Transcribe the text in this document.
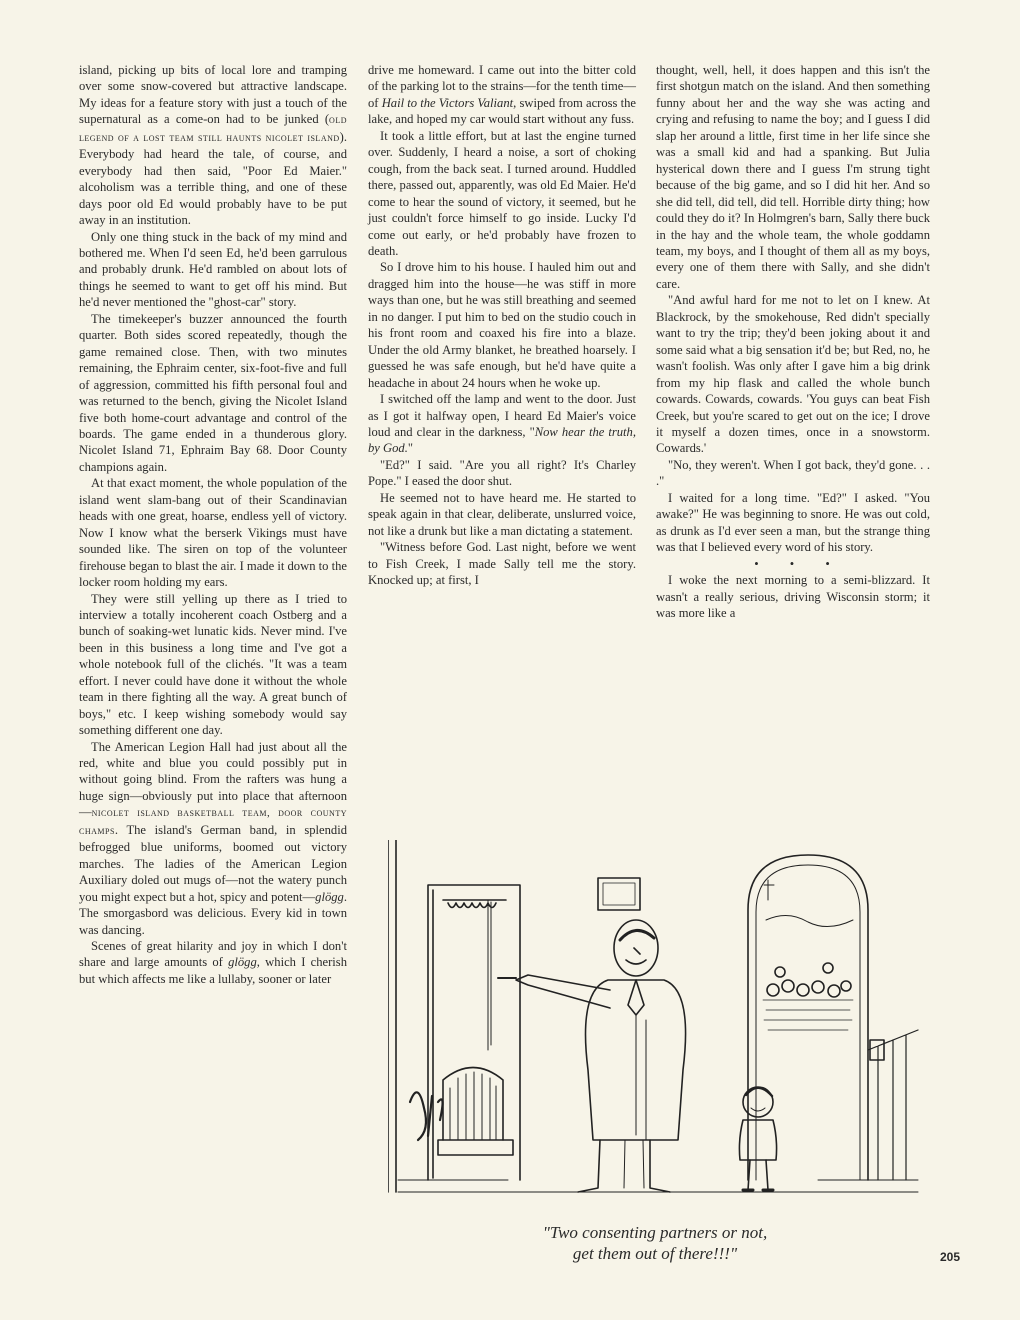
island, picking up bits of local lore and tramping over some snow-covered but attractive landscape. My ideas for a feature story with just a touch of the supernatural as a come-on had to be junked (old legend of a lost team still haunts nicolet island). Everybody had heard the tale, of course, and everybody had then said, "Poor Ed Maier." alcoholism was a terrible thing, and one of these days poor old Ed would probably have to be put away in an institution.

Only one thing stuck in the back of my mind and bothered me. When I'd seen Ed, he'd been garrulous and probably drunk. He'd rambled on about lots of things he seemed to want to get off his mind. But he'd never mentioned the "ghost-car" story.

The timekeeper's buzzer announced the fourth quarter. Both sides scored repeatedly, though the game remained close. Then, with two minutes remaining, the Ephraim center, six-foot-five and full of aggression, committed his fifth personal foul and was returned to the bench, giving the Nicolet Island five both home-court advantage and control of the boards. The game ended in a thunderous glory. Nicolet Island 71, Ephraim Bay 68. Door County champions again.

At that exact moment, the whole population of the island went slam-bang out of their Scandinavian heads with one great, hoarse, endless yell of victory. Now I know what the berserk Vikings must have sounded like. The siren on top of the volunteer firehouse began to blast the air. I made it down to the locker room holding my ears.

They were still yelling up there as I tried to interview a totally incoherent coach Ostberg and a bunch of soaking-wet lunatic kids. Never mind. I've been in this business a long time and I've got a whole notebook full of the clichés. "It was a team effort. I never could have done it without the whole team in there fighting all the way. A great bunch of boys," etc. I keep wishing somebody would say something different one day.

The American Legion Hall had just about all the red, white and blue you could possibly put in without going blind. From the rafters was hung a huge sign—obviously put into place that afternoon—nicolet island basketball team, door county champs. The island's German band, in splendid befrogged blue uniforms, boomed out victory marches. The ladies of the American Legion Auxiliary doled out mugs of—not the watery punch you might expect but a hot, spicy and potent—glögg. The smorgasbord was delicious. Every kid in town was dancing.

Scenes of great hilarity and joy in which I don't share and large amounts of glögg, which I cherish but which affects me like a lullaby, sooner or later

drive me homeward. I came out into the bitter cold of the parking lot to the strains—for the tenth time—of Hail to the Victors Valiant, swiped from across the lake, and hoped my car would start without any fuss.

It took a little effort, but at last the engine turned over. Suddenly, I heard a noise, a sort of choking cough, from the back seat. I turned around. Huddled there, passed out, apparently, was old Ed Maier. He'd come to hear the sound of victory, it seemed, but he just couldn't force himself to go inside. Lucky I'd come out early, or he'd probably have frozen to death.

So I drove him to his house. I hauled him out and dragged him into the house—he was stiff in more ways than one, but he was still breathing and seemed in no danger. I put him to bed on the studio couch in his front room and coaxed his fire into a blaze. Under the old Army blanket, he breathed hoarsely. I guessed he was safe enough, but he'd have quite a headache in about 24 hours when he woke up.

I switched off the lamp and went to the door. Just as I got it halfway open, I heard Ed Maier's voice loud and clear in the darkness, "Now hear the truth, by God."

"Ed?" I said. "Are you all right? It's Charley Pope." I eased the door shut.

He seemed not to have heard me. He started to speak again in that clear, deliberate, unslurred voice, not like a drunk but like a man dictating a statement.

"Witness before God. Last night, before we went to Fish Creek, I made Sally tell me the story. Knocked up; at first, I

thought, well, hell, it does happen and this isn't the first shotgun match on the island. And then something funny about her and the way she was acting and crying and refusing to name the boy; and I guess I did slap her around a little, first time in her life since she was a small kid and had a spanking. But Julia hysterical down there and I guess I'm strung tight because of the big game, and so I did hit her. And so she did tell, did tell, did tell. Horrible dirty thing; how could they do it? In Holmgren's barn, Sally there buck in the hay and the whole team, the whole goddamn team, my boys, and I thought of them all as my boys, every one of them there with Sally, and she didn't care.

"And awful hard for me not to let on I knew. At Blackrock, by the smokehouse, Red didn't specially want to try the trip; they'd been joking about it and some said what a big sensation it'd be; but Red, no, he wasn't foolish. Was only after I gave him a big drink from my hip flask and called the whole bunch cowards. Cowards, cowards. 'You guys can beat Fish Creek, but you're scared to get out on the ice; I drove it myself a dozen times, once in a snowstorm. Cowards.'

"No, they weren't. When I got back, they'd gone. . . ."

I waited for a long time. "Ed?" I asked. "You awake?" He was beginning to snore. He was out cold, as drunk as I'd ever seen a man, but the strange thing was that I believed every word of his story.

• • •

I woke the next morning to a semi-blizzard. It wasn't a really serious, driving Wisconsin storm; it was more like a

"Two consenting partners or not,
get them out of there!!!"	205
